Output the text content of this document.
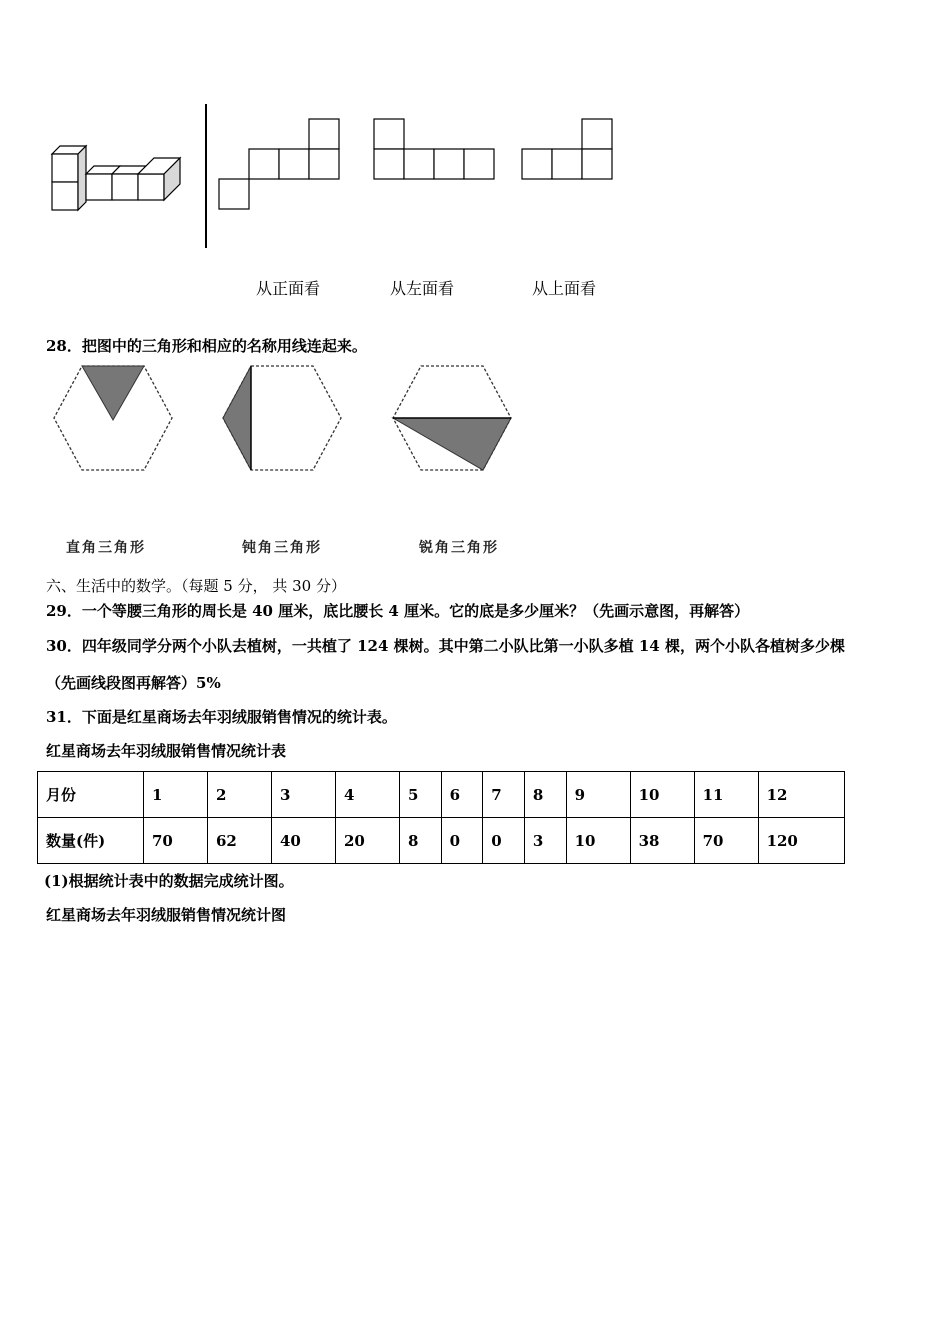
从正面看	从左面看	从上面看
28．把图中的三角形和相应的名称用线连起来。
直角三角形	钝角三角形	锐角三角形
六、生活中的数学。（每题 5 分， 共 30 分）
29．一个等腰三角形的周长是 40 厘米，底比腰长 4 厘米。它的底是多少厘米？（先画示意图，再解答）
30．四年级同学分两个小队去植树，一共植了 124 棵树。其中第二小队比第一小队多植 14 棵，两个小队各植树多少棵
（先画线段图再解答）5%
31．下面是红星商场去年羽绒服销售情况的统计表。
红星商场去年羽绒服销售情况统计表
月份	1	2	3	4	5	6	7	8	9	10	11	12
数量(件)	70	62	40	20	8	0	0	3	10	38	70	120
(1)根据统计表中的数据完成统计图。
红星商场去年羽绒服销售情况统计图
